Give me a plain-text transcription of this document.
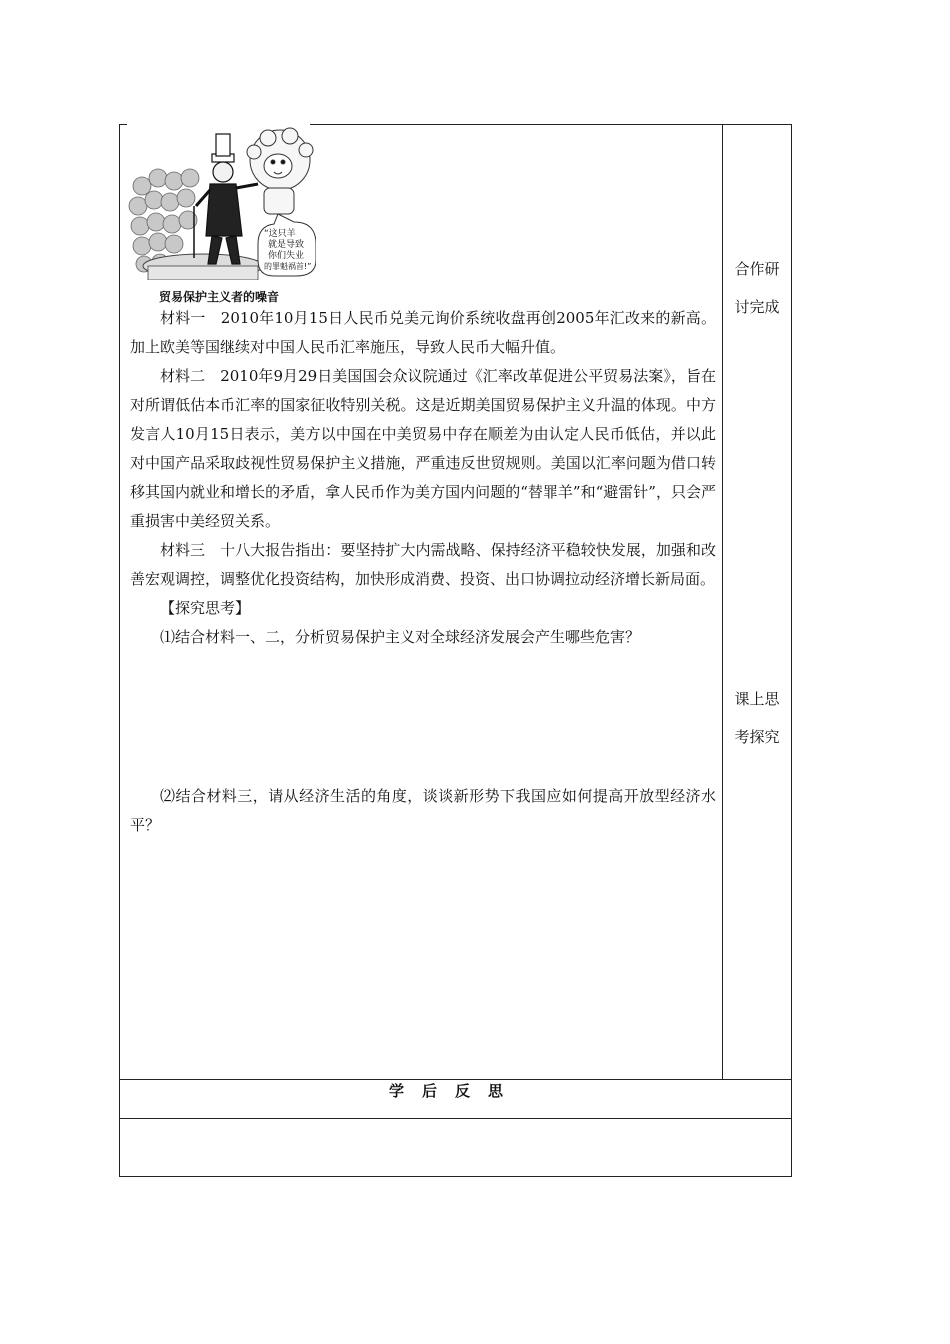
“这只羊
就是导致
你们失业
的罪魁祸首!”
贸易保护主义者的噪音

材料一　2010年10月15日人民币兑美元询价系统收盘再创2005年汇改来的新高。加上欧美等国继续对中国人民币汇率施压，导致人民币大幅升值。

材料二　2010年9月29日美国国会众议院通过《汇率改革促进公平贸易法案》，旨在对所谓低估本币汇率的国家征收特别关税。这是近期美国贸易保护主义升温的体现。中方发言人10月15日表示，美方以中国在中美贸易中存在顺差为由认定人民币低估，并以此对中国产品采取歧视性贸易保护主义措施，严重违反世贸规则。美国以汇率问题为借口转移其国内就业和增长的矛盾，拿人民币作为美方国内问题的“替罪羊”和“避雷针”，只会严重损害中美经贸关系。

材料三　十八大报告指出：要坚持扩大内需战略、保持经济平稳较快发展，加强和改善宏观调控，调整优化投资结构，加快形成消费、投资、出口协调拉动经济增长新局面。

【探究思考】

⑴结合材料一、二，分析贸易保护主义对全球经济发展会产生哪些危害？

⑵结合材料三，请从经济生活的角度，谈谈新形势下我国应如何提高开放型经济水平？

合作研
讨完成
课上思
考探究
学后反思
